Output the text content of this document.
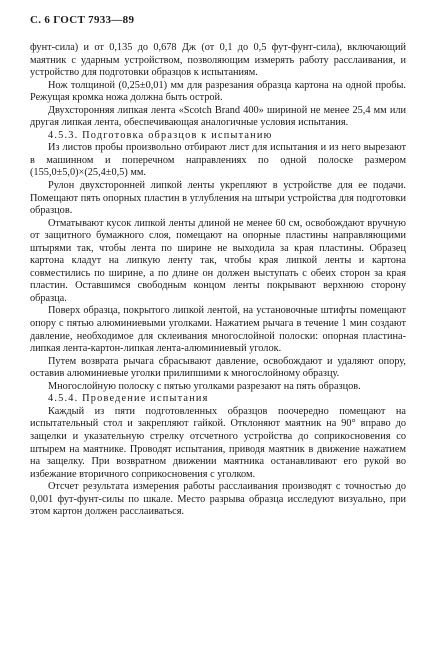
С. 6 ГОСТ 7933—89

фунт-сила) и от 0,135 до 0,678 Дж (от 0,1 до 0,5 фут-фунт-сила), включающий маятник с ударным устройством, позволяющим измерять работу расслаивания, и устройство для подготовки образцов к испытаниям.

Нож толщиной (0,25±0,01) мм для разрезания образца картона на одной пробы. Режущая кромка ножа должна быть острой.

Двухсторонняя липкая лента «Scotch Brand 400» шириной не менее 25,4 мм или другая липкая лента, обеспечивающая аналогичные условия испытания.

4.5.3. Подготовка образцов к испытанию

Из листов пробы произвольно отбирают лист для испытания и из него вырезают в машинном и поперечном направлениях по одной полоске размером (155,0±5,0)×(25,4±0,5) мм.

Рулон двухсторонней липкой ленты укрепляют в устройстве для ее подачи. Помещают пять опорных пластин в углубления на штыри устройства для подготовки образцов.

Отматывают кусок липкой ленты длиной не менее 60 см, освобождают вручную от защитного бумажного слоя, помещают на опорные пластины направляющими штырями так, чтобы лента по ширине не выходила за края пластины. Образец картона кладут на липкую ленту так, чтобы края липкой ленты и картона совместились по ширине, а по длине он должен выступать с обеих сторон за края пластин. Оставшимся свободным концом ленты покрывают верхнюю сторону образца.

Поверх образца, покрытого липкой лентой, на установочные штифты помещают опору с пятью алюминиевыми уголками. Нажатием рычага в течение 1 мин создают давление, необходимое для склеивания многослойной полоски: опорная пластина-липкая лента-картон-липкая лента-алюминиевый уголок.

Путем возврата рычага сбрасывают давление, освобождают и удаляют опору, оставив алюминиевые уголки прилипшими к многослойному образцу.

Многослойную полоску с пятью уголками разрезают на пять образцов.

4.5.4. Проведение испытания

Каждый из пяти подготовленных образцов поочередно помещают на испытательный стол и закрепляют гайкой. Отклоняют маятник на 90° вправо до защелки и указательную стрелку отсчетного устройства до соприкосновения со штырем на маятнике. Проводят испытания, приводя маятник в движение нажатием на защелку. При возвратном движении маятника останавливают его рукой во избежание вторичного соприкосновения с уголком.

Отсчет результата измерения работы расслаивания производят с точностью до 0,001 фут-фунт-силы по шкале. Место разрыва образца исследуют визуально, при этом картон должен расслаиваться.
